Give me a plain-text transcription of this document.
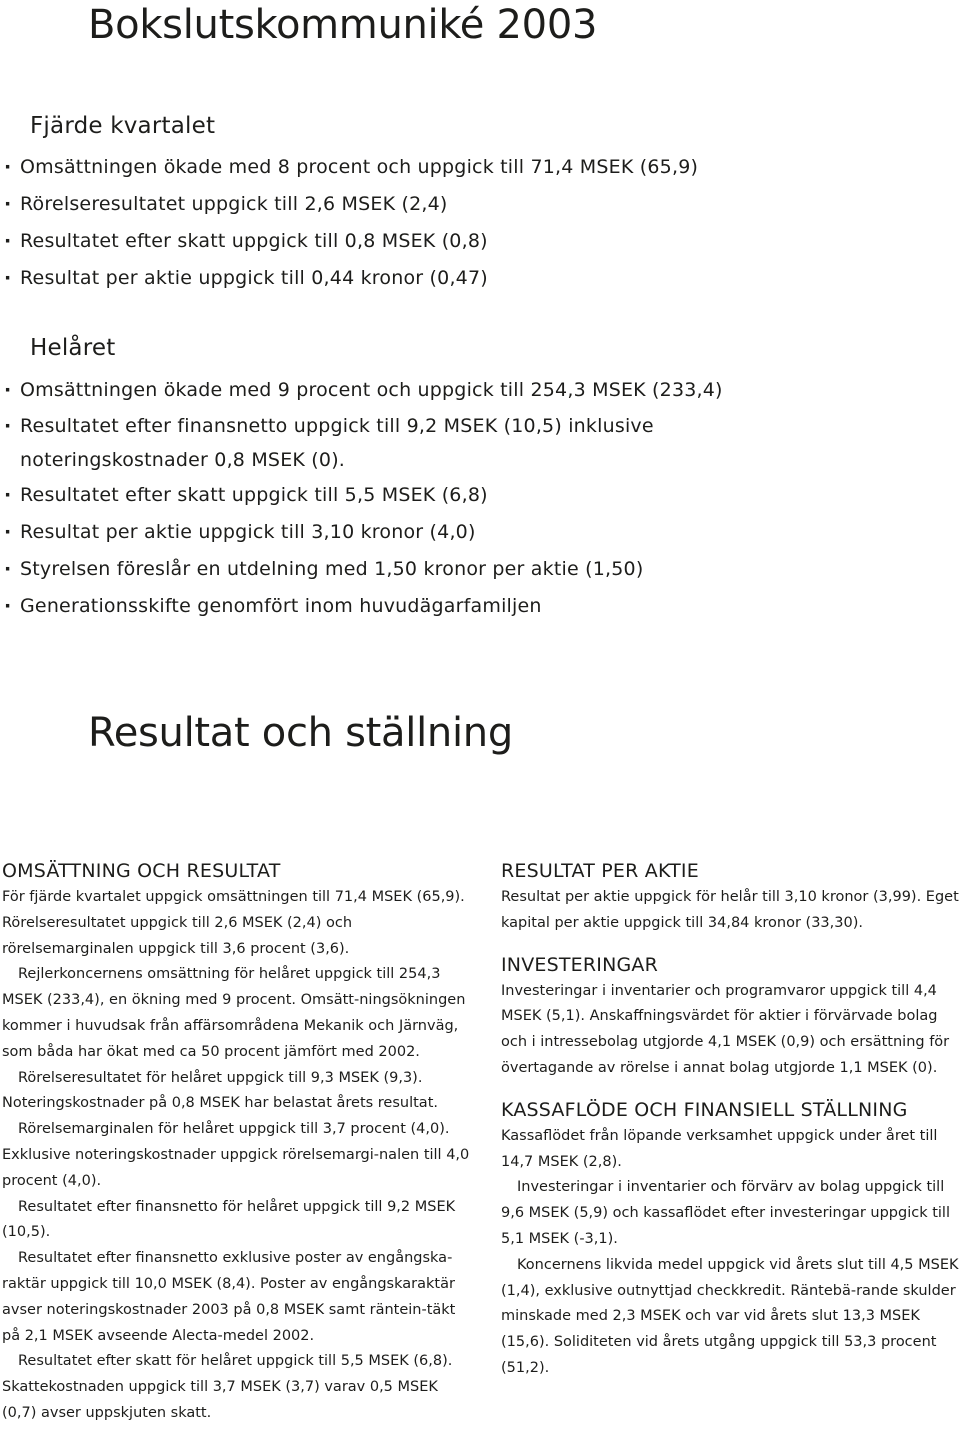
Bokslutskommuniké 2003
Fjärde kvartalet
· Omsättningen ökade med 8 procent och uppgick till 71,4 MSEK (65,9)
· Rörelseresultatet uppgick till 2,6 MSEK (2,4)
· Resultatet efter skatt uppgick till 0,8 MSEK (0,8)
· Resultat per aktie uppgick till 0,44 kronor (0,47)
Helåret
· Omsättningen ökade med 9 procent och uppgick till 254,3 MSEK (233,4)
· Resultatet efter finansnetto uppgick till 9,2 MSEK (10,5) inklusive noteringskostnader 0,8 MSEK (0).
· Resultatet efter skatt uppgick till 5,5 MSEK (6,8)
· Resultat per aktie uppgick till 3,10 kronor (4,0)
· Styrelsen föreslår en utdelning med 1,50 kronor per aktie (1,50)
· Generationsskifte genomfört inom huvudägarfamiljen
Resultat och ställning
OMSÄTTNING OCH RESULTAT

För fjärde kvartalet uppgick omsättningen till 71,4 MSEK (65,9). Rörelseresultatet uppgick till 2,6 MSEK (2,4) och rörelsemarginalen uppgick till 3,6 procent (3,6).

Rejlerkoncernens omsättning för helåret uppgick till 254,3 MSEK (233,4), en ökning med 9 procent. Omsätt-ningsökningen kommer i huvudsak från affärsområdena Mekanik och Järnväg, som båda har ökat med ca 50 procent jämfört med 2002.

Rörelseresultatet för helåret uppgick till 9,3 MSEK (9,3). Noteringskostnader på 0,8 MSEK har belastat årets resultat.

Rörelsemarginalen för helåret uppgick till 3,7 procent (4,0). Exklusive noteringskostnader uppgick rörelsemargi-nalen till 4,0 procent (4,0).

Resultatet efter finansnetto för helåret uppgick till 9,2 MSEK (10,5).

Resultatet efter finansnetto exklusive poster av engångska-raktär uppgick till 10,0 MSEK (8,4). Poster av engångskaraktär avser noteringskostnader 2003 på 0,8 MSEK samt räntein-täkt på 2,1 MSEK avseende Alecta-medel 2002.

Resultatet efter skatt för helåret uppgick till 5,5 MSEK (6,8). Skattekostnaden uppgick till 3,7 MSEK (3,7) varav 0,5 MSEK (0,7) avser uppskjuten skatt.

RESULTAT PER AKTIE

Resultat per aktie uppgick för helår till 3,10 kronor (3,99). Eget kapital per aktie uppgick till 34,84 kronor (33,30).

INVESTERINGAR

Investeringar i inventarier och programvaror uppgick till 4,4 MSEK (5,1). Anskaffningsvärdet för aktier i förvärvade bolag och i intressebolag utgjorde 4,1 MSEK (0,9) och ersättning för övertagande av rörelse i annat bolag utgjorde 1,1 MSEK (0).

KASSAFLÖDE OCH FINANSIELL STÄLLNING

Kassaflödet från löpande verksamhet uppgick under året till 14,7 MSEK (2,8).

Investeringar i inventarier och förvärv av bolag uppgick till 9,6 MSEK (5,9) och kassaflödet efter investeringar uppgick till 5,1 MSEK (-3,1).

Koncernens likvida medel uppgick vid årets slut till 4,5 MSEK (1,4), exklusive outnyttjad checkkredit. Räntebä-rande skulder minskade med 2,3 MSEK och var vid årets slut 13,3 MSEK (15,6). Soliditeten vid årets utgång uppgick till 53,3 procent (51,2).
